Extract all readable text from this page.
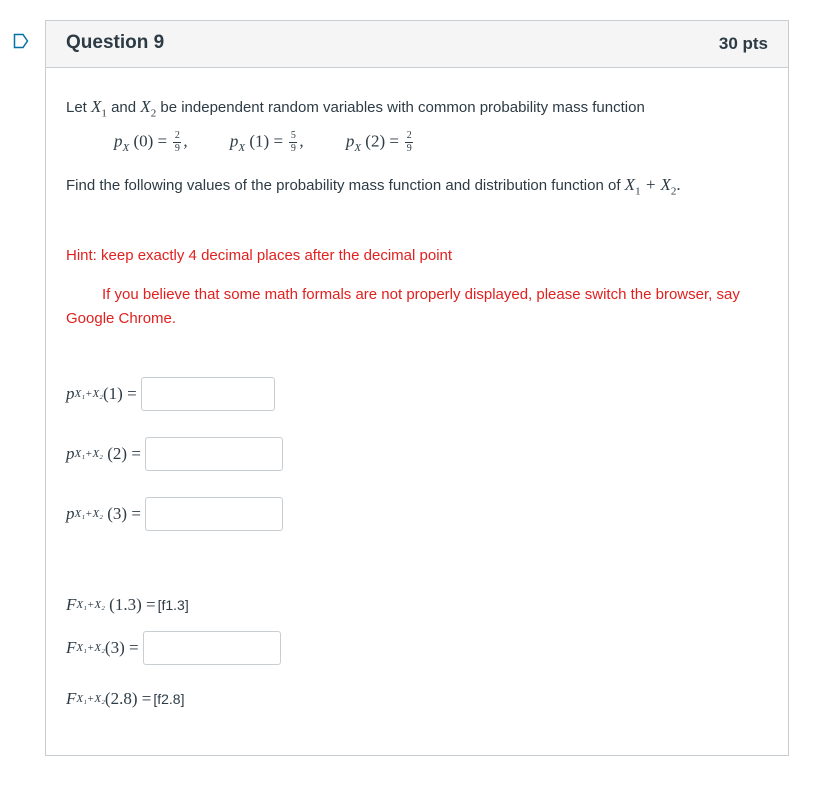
Question 9	30 pts
Let $X_1$ and $X_2$ be independent random variables with common probability mass function
$p_X$ $(0) = \frac{2}{9}$ , $p_X$ $(1) = \frac{5}{9}$ , $p_X$ $(2) = \frac{2}{9}$
Find the following values of the probability mass function and distribution function of $X_1 + X_2$.
Hint: keep exactly 4 decimal places after the decimal point
If you believe that some math formals are not properly displayed, please switch the browser, say Google Chrome.
p X₁+X₂ (1) =
p X₁+X₂
(2) =
p X₁+X₂
(3) =
F X₁+X₂
(1.3) = [f1.3]
F X₁+X₂ (3) =
F X₁+X₂ (2.8) = [f2.8]
